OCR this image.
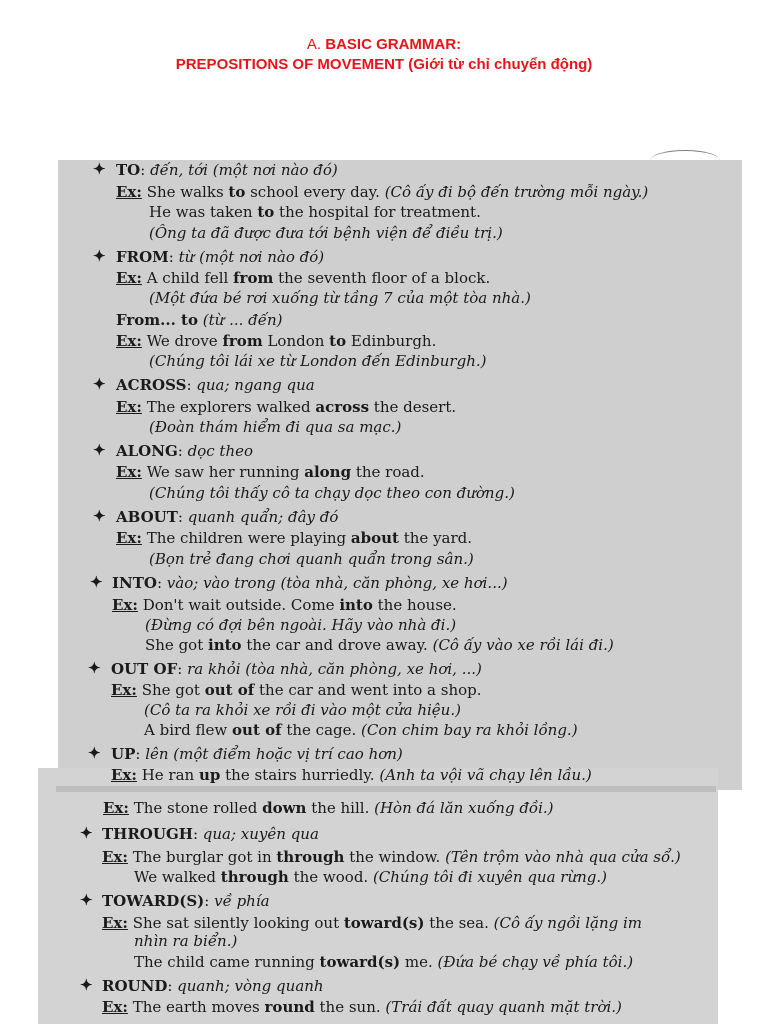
A. BASIC GRAMMAR:
PREPOSITIONS OF MOVEMENT (Giới từ chỉ chuyển động)
✦ TO: đến, tới (một nơi nào đó)
Ex: She walks to school every day. (Cô ấy đi bộ đến trường mỗi ngày.)
He was taken to the hospital for treatment.
(Ông ta đã được đưa tới bệnh viện để điều trị.)
✦ FROM: từ (một nơi nào đó)
Ex: A child fell from the seventh floor of a block.
(Một đứa bé rơi xuống từ tầng 7 của một tòa nhà.)
From... to (từ ... đến)
Ex: We drove from London to Edinburgh.
(Chúng tôi lái xe từ London đến Edinburgh.)
✦ ACROSS: qua; ngang qua
Ex: The explorers walked across the desert.
(Đoàn thám hiểm đi qua sa mạc.)
✦ ALONG: dọc theo
Ex: We saw her running along the road.
(Chúng tôi thấy cô ta chạy dọc theo con đường.)
✦ ABOUT: quanh quẩn; đây đó
Ex: The children were playing about the yard.
(Bọn trẻ đang chơi quanh quẩn trong sân.)
✦ INTO: vào; vào trong (tòa nhà, căn phòng, xe hơi...)
Ex: Don't wait outside. Come into the house.
(Đừng có đợi bên ngoài. Hãy vào nhà đi.)
She got into the car and drove away. (Cô ấy vào xe rồi lái đi.)
✦ OUT OF: ra khỏi (tòa nhà, căn phòng, xe hơi, ...)
Ex: She got out of the car and went into a shop.
(Cô ta ra khỏi xe rồi đi vào một cửa hiệu.)
A bird flew out of the cage. (Con chim bay ra khỏi lồng.)
✦ UP: lên (một điểm hoặc vị trí cao hơn)
Ex: He ran up the stairs hurriedly. (Anh ta vội vã chạy lên lầu.)
Ex: The stone rolled down the hill. (Hòn đá lăn xuống đồi.)
✦ THROUGH: qua; xuyên qua
Ex: The burglar got in through the window. (Tên trộm vào nhà qua cửa sổ.)
We walked through the wood. (Chúng tôi đi xuyên qua rừng.)
✦ TOWARD(S): về phía
Ex: She sat silently looking out toward(s) the sea. (Cô ấy ngồi lặng im
nhìn ra biển.)
The child came running toward(s) me. (Đứa bé chạy về phía tôi.)
✦ ROUND: quanh; vòng quanh
Ex: The earth moves round the sun. (Trái đất quay quanh mặt trời.)
